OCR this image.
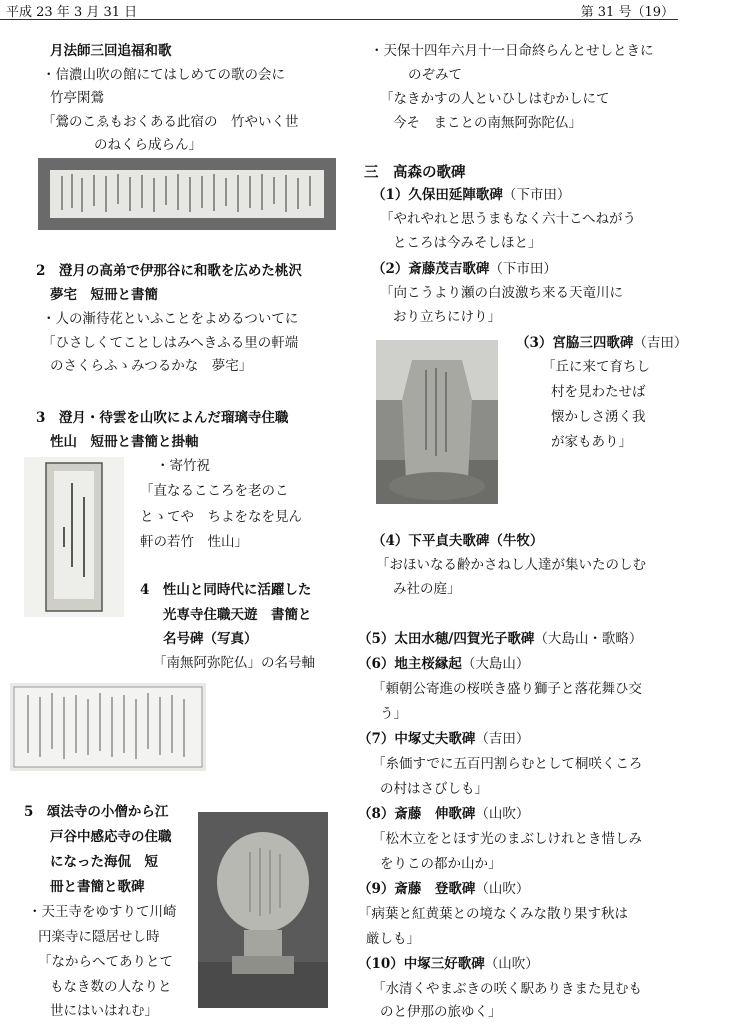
平成 23 年 3 月 31 日	第 31 号（19）
月法師三回追福和歌
・信濃山吹の館にてはしめての歌の会に
竹亭閑鶯
「鶯のこゑもおくある此宿の　竹やいく世
のねくら成らん」
2　澄月の高弟で伊那谷に和歌を広めた桃沢
夢宅　短冊と書簡
・人の漸待花といふことをよめるついてに
「ひさしくてことしはみへきふる里の軒端
のさくらふゝみつるかな　夢宅」
3　澄月・待雲を山吹によんだ瑠璃寺住職
性山　短冊と書簡と掛軸
・寄竹祝
「直なるこころを老のこ
とゝてや　ちよをなを見ん
軒の若竹　性山」
4　性山と同時代に活躍した
光専寺住職天遊　書簡と
名号碑（写真）
「南無阿弥陀仏」の名号軸
5　頌法寺の小僧から江
戸谷中感応寺の住職
になった海侃　短
冊と書簡と歌碑
・天王寺をゆすりて川崎
円楽寺に隠居せし時
「なからへてありとて
もなき数の人なりと
世にはいはれむ」
・天保十四年六月十一日命終らんとせしときに
のぞみて
「なきかすの人といひしはむかしにて
今そ　まことの南無阿弥陀仏」
三　高森の歌碑
（1）久保田延陣歌碑（下市田）
「やれやれと思うまもなく六十こへねがう
ところは今みそしほと」
（2）斎藤茂吉歌碑（下市田）
「向こうより瀬の白波激ち来る天竜川に
おり立ちにけり」
（3）宮脇三四歌碑（吉田）
「丘に来て育ちし
村を見わたせば
懐かしさ湧く我
が家もあり」
（4）下平貞夫歌碑（牛牧）
「おほいなる齢かさねし人達が集いたのしむ
み社の庭」
（5）太田水穂/四賀光子歌碑（大島山・歌略）
（6）地主桜縁起（大島山）
「頼朝公寄進の桜咲き盛り獅子と落花舞ひ交
う」
（7）中塚丈夫歌碑（吉田）
「糸価すでに五百円割らむとして桐咲くころ
の村はさびしも」
（8）斎藤　伸歌碑（山吹）
「松木立をとほす光のまぶしけれとき惜しみ
をりこの都か山か」
（9）斎藤　登歌碑（山吹）
「病葉と紅黄葉との境なくみな散り果す秋は
厳しも」
（10）中塚三好歌碑（山吹）
「水清くやまぶきの咲く駅ありきまた見むも
のと伊那の旅ゆく」
